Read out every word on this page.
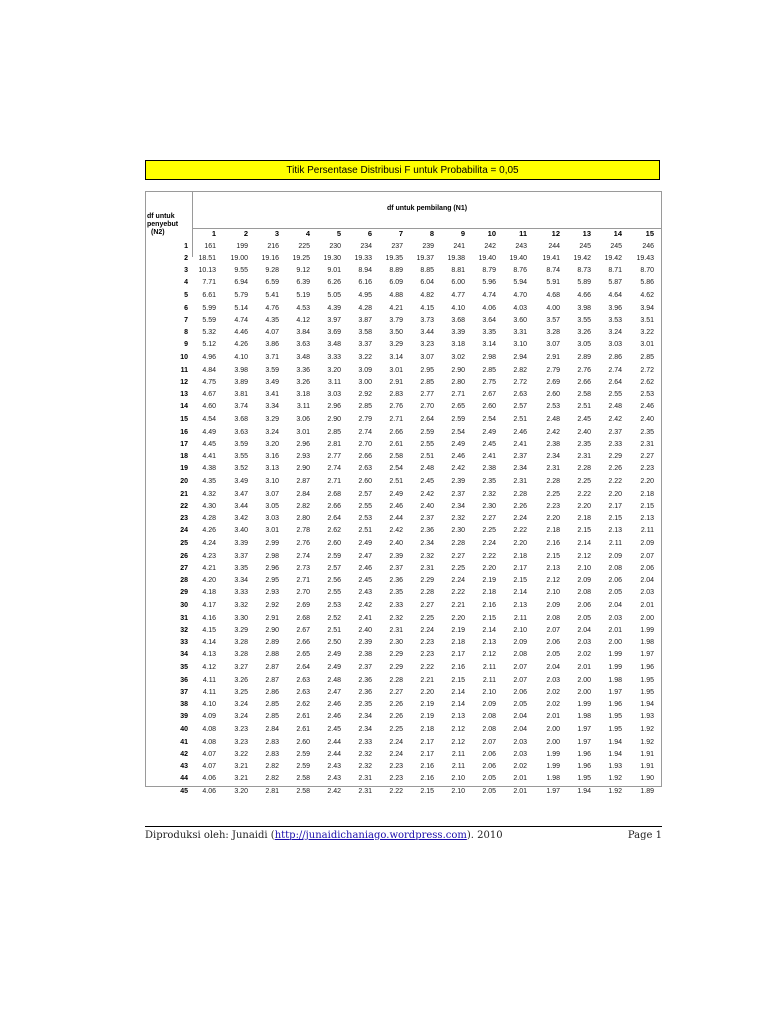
Titik Persentase Distribusi F untuk Probabilita = 0,05
df untuk
penyebut
(N2)
df untuk pembilang (N1)
1	2	3	4	5	6	7	8	9	10	11	12	13	14	15
1	161	199	216	225	230	234	237	239	241	242	243	244	245	245	246
2	18.51	19.00	19.16	19.25	19.30	19.33	19.35	19.37	19.38	19.40	19.40	19.41	19.42	19.42	19.43
3	10.13	9.55	9.28	9.12	9.01	8.94	8.89	8.85	8.81	8.79	8.76	8.74	8.73	8.71	8.70
4	7.71	6.94	6.59	6.39	6.26	6.16	6.09	6.04	6.00	5.96	5.94	5.91	5.89	5.87	5.86
5	6.61	5.79	5.41	5.19	5.05	4.95	4.88	4.82	4.77	4.74	4.70	4.68	4.66	4.64	4.62
6	5.99	5.14	4.76	4.53	4.39	4.28	4.21	4.15	4.10	4.06	4.03	4.00	3.98	3.96	3.94
7	5.59	4.74	4.35	4.12	3.97	3.87	3.79	3.73	3.68	3.64	3.60	3.57	3.55	3.53	3.51
8	5.32	4.46	4.07	3.84	3.69	3.58	3.50	3.44	3.39	3.35	3.31	3.28	3.26	3.24	3.22
9	5.12	4.26	3.86	3.63	3.48	3.37	3.29	3.23	3.18	3.14	3.10	3.07	3.05	3.03	3.01
10	4.96	4.10	3.71	3.48	3.33	3.22	3.14	3.07	3.02	2.98	2.94	2.91	2.89	2.86	2.85
11	4.84	3.98	3.59	3.36	3.20	3.09	3.01	2.95	2.90	2.85	2.82	2.79	2.76	2.74	2.72
12	4.75	3.89	3.49	3.26	3.11	3.00	2.91	2.85	2.80	2.75	2.72	2.69	2.66	2.64	2.62
13	4.67	3.81	3.41	3.18	3.03	2.92	2.83	2.77	2.71	2.67	2.63	2.60	2.58	2.55	2.53
14	4.60	3.74	3.34	3.11	2.96	2.85	2.76	2.70	2.65	2.60	2.57	2.53	2.51	2.48	2.46
15	4.54	3.68	3.29	3.06	2.90	2.79	2.71	2.64	2.59	2.54	2.51	2.48	2.45	2.42	2.40
16	4.49	3.63	3.24	3.01	2.85	2.74	2.66	2.59	2.54	2.49	2.46	2.42	2.40	2.37	2.35
17	4.45	3.59	3.20	2.96	2.81	2.70	2.61	2.55	2.49	2.45	2.41	2.38	2.35	2.33	2.31
18	4.41	3.55	3.16	2.93	2.77	2.66	2.58	2.51	2.46	2.41	2.37	2.34	2.31	2.29	2.27
19	4.38	3.52	3.13	2.90	2.74	2.63	2.54	2.48	2.42	2.38	2.34	2.31	2.28	2.26	2.23
20	4.35	3.49	3.10	2.87	2.71	2.60	2.51	2.45	2.39	2.35	2.31	2.28	2.25	2.22	2.20
21	4.32	3.47	3.07	2.84	2.68	2.57	2.49	2.42	2.37	2.32	2.28	2.25	2.22	2.20	2.18
22	4.30	3.44	3.05	2.82	2.66	2.55	2.46	2.40	2.34	2.30	2.26	2.23	2.20	2.17	2.15
23	4.28	3.42	3.03	2.80	2.64	2.53	2.44	2.37	2.32	2.27	2.24	2.20	2.18	2.15	2.13
24	4.26	3.40	3.01	2.78	2.62	2.51	2.42	2.36	2.30	2.25	2.22	2.18	2.15	2.13	2.11
25	4.24	3.39	2.99	2.76	2.60	2.49	2.40	2.34	2.28	2.24	2.20	2.16	2.14	2.11	2.09
26	4.23	3.37	2.98	2.74	2.59	2.47	2.39	2.32	2.27	2.22	2.18	2.15	2.12	2.09	2.07
27	4.21	3.35	2.96	2.73	2.57	2.46	2.37	2.31	2.25	2.20	2.17	2.13	2.10	2.08	2.06
28	4.20	3.34	2.95	2.71	2.56	2.45	2.36	2.29	2.24	2.19	2.15	2.12	2.09	2.06	2.04
29	4.18	3.33	2.93	2.70	2.55	2.43	2.35	2.28	2.22	2.18	2.14	2.10	2.08	2.05	2.03
30	4.17	3.32	2.92	2.69	2.53	2.42	2.33	2.27	2.21	2.16	2.13	2.09	2.06	2.04	2.01
31	4.16	3.30	2.91	2.68	2.52	2.41	2.32	2.25	2.20	2.15	2.11	2.08	2.05	2.03	2.00
32	4.15	3.29	2.90	2.67	2.51	2.40	2.31	2.24	2.19	2.14	2.10	2.07	2.04	2.01	1.99
33	4.14	3.28	2.89	2.66	2.50	2.39	2.30	2.23	2.18	2.13	2.09	2.06	2.03	2.00	1.98
34	4.13	3.28	2.88	2.65	2.49	2.38	2.29	2.23	2.17	2.12	2.08	2.05	2.02	1.99	1.97
35	4.12	3.27	2.87	2.64	2.49	2.37	2.29	2.22	2.16	2.11	2.07	2.04	2.01	1.99	1.96
36	4.11	3.26	2.87	2.63	2.48	2.36	2.28	2.21	2.15	2.11	2.07	2.03	2.00	1.98	1.95
37	4.11	3.25	2.86	2.63	2.47	2.36	2.27	2.20	2.14	2.10	2.06	2.02	2.00	1.97	1.95
38	4.10	3.24	2.85	2.62	2.46	2.35	2.26	2.19	2.14	2.09	2.05	2.02	1.99	1.96	1.94
39	4.09	3.24	2.85	2.61	2.46	2.34	2.26	2.19	2.13	2.08	2.04	2.01	1.98	1.95	1.93
40	4.08	3.23	2.84	2.61	2.45	2.34	2.25	2.18	2.12	2.08	2.04	2.00	1.97	1.95	1.92
41	4.08	3.23	2.83	2.60	2.44	2.33	2.24	2.17	2.12	2.07	2.03	2.00	1.97	1.94	1.92
42	4.07	3.22	2.83	2.59	2.44	2.32	2.24	2.17	2.11	2.06	2.03	1.99	1.96	1.94	1.91
43	4.07	3.21	2.82	2.59	2.43	2.32	2.23	2.16	2.11	2.06	2.02	1.99	1.96	1.93	1.91
44	4.06	3.21	2.82	2.58	2.43	2.31	2.23	2.16	2.10	2.05	2.01	1.98	1.95	1.92	1.90
45	4.06	3.20	2.81	2.58	2.42	2.31	2.22	2.15	2.10	2.05	2.01	1.97	1.94	1.92	1.89
Diproduksi oleh: Junaidi (http://junaidichaniago.wordpress.com). 2010	Page 1
